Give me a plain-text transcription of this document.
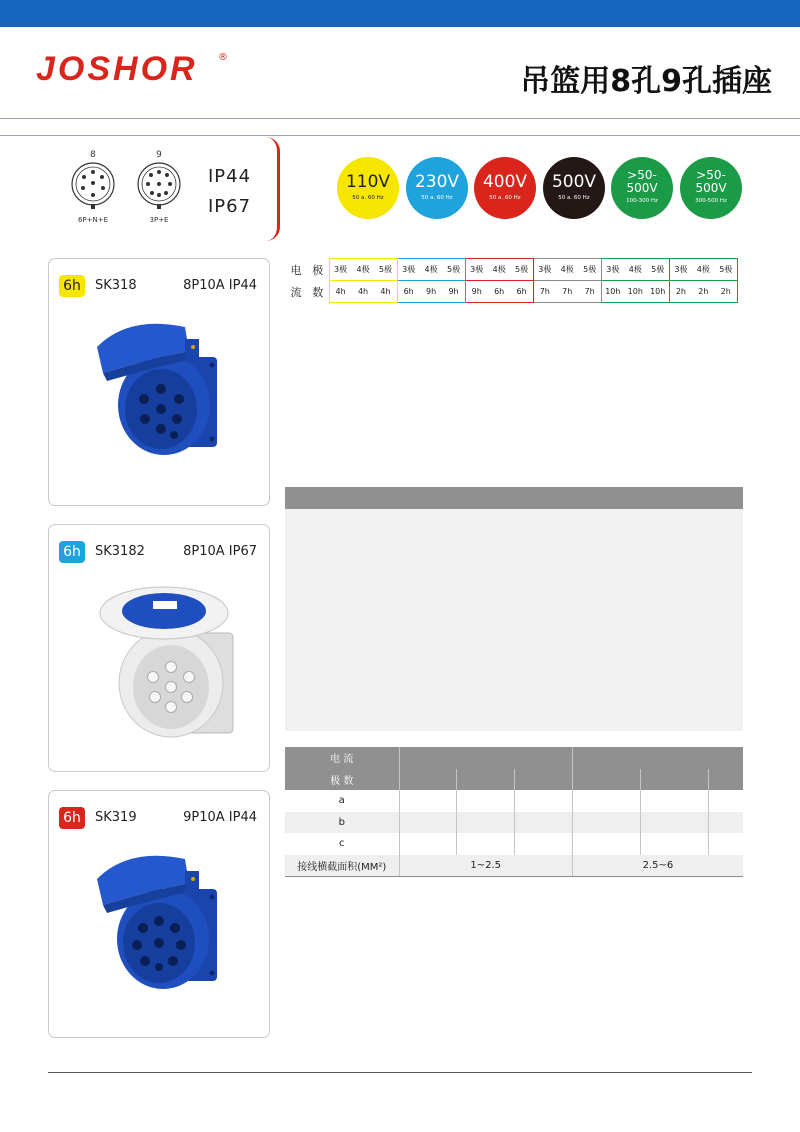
JOSHOR ®
吊篮用8孔9孔插座
8
6P+N+E
9
3P+E
IP44
IP67
110V
50 a. 60 Hz
230V
50 a. 60 Hz
400V
50 a. 60 Hz
500V
50 a. 60 Hz
>50-
500V
100-300 Hz
>50-
500V
300-500 Hz
6h	SK318	8P10A IP44
6h	SK3182	8P10A IP67
6h	SK319	9P10A IP44
电	极	3极	4极	5极	3极	4极	5极	3极	4极	5极	3极	4极	5极	3极	4极	5极	3极	4极	5极
流	数	4h	4h	4h	6h	9h	9h	9h	6h	6h	7h	7h	7h	10h	10h	10h	2h	2h	2h
电 流						
极 数						
a						
b						
c						
接线横截面积(MM²)	1~2.5			2.5~6		
